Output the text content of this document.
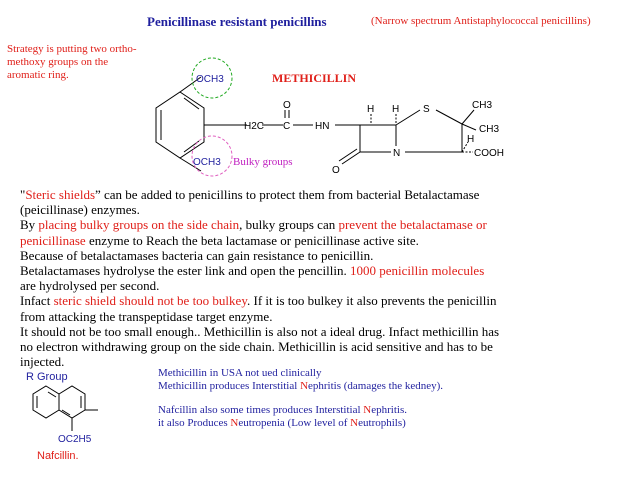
Penicillinase resistant penicillins	(Narrow spectrum Antistaphylococcal penicillins)
Strategy is putting two ortho- methoxy groups on the aromatic ring.	METHICILLIN
Bulky groups
OCH3
OCH3
H2C
O
C HN
H H S	CH3
CH3
H
N	COOH
O
"Steric shields” can be added to penicillins to protect them from bacterial Betalactamase
(peicillinase) enzymes.
By placing bulky groups on the side chain, bulky groups can prevent the betalactamase or
penicillinase enzyme to Reach the beta lactamase or penicillinase active site.
Because of betalactamases bacteria can gain resistance to penicillin.
Betalactamases hydrolyse the ester link and open the pencillin. 1000 penicillin molecules
are hydrolysed per second.
Infact steric shield should not be too bulkey. If it is too bulkey it also prevents the penicillin
from attacking the transpeptidase target enzyme.
It should not be too small enough.. Methicillin is also not a ideal drug. Infact methicillin has
no electron withdrawing group on the side chain. Methicillin is acid sensitive and has to be
injected.
R Group
OC2H5
Nafcillin.
Methicillin in USA not ued clinically
Methicillin produces Interstitial Nephritis (damages the kedney).
Nafcillin also some times produces Interstitial Nephritis.
it also Produces Neutropenia (Low level of Neutrophils)
